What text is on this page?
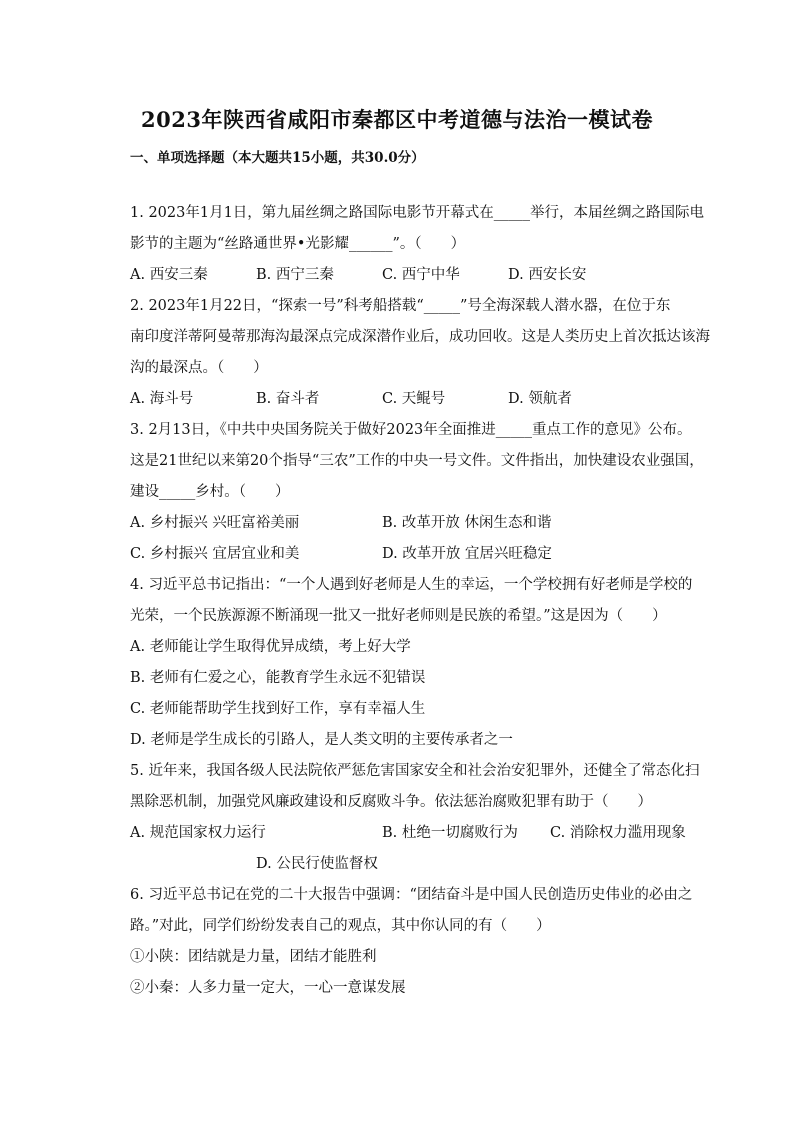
2023年陕西省咸阳市秦都区中考道德与法治一模试卷
一、单项选择题（本大题共15小题，共30.0分）
1. 2023年1月1日，第九届丝绸之路国际电影节开幕式在_____举行，本届丝绸之路国际电
影节的主题为“丝路通世界•光影耀______”。（　　）
A. 西安三秦	B. 西宁三秦	C. 西宁中华	D. 西安长安
2. 2023年1月22日，“探索一号”科考船搭载“_____”号全海深载人潜水器，在位于东
南印度洋蒂阿曼蒂那海沟最深点完成深潜作业后，成功回收。这是人类历史上首次抵达该海
沟的最深点。（　　）
A. 海斗号	B. 奋斗者	C. 天鲲号	D. 领航者
3. 2月13日，《中共中央国务院关于做好2023年全面推进_____重点工作的意见》公布。
这是21世纪以来第20个指导“三农”工作的中央一号文件。文件指出，加快建设农业强国，
建设_____乡村。（　　）
A. 乡村振兴 兴旺富裕美丽	B. 改革开放 休闲生态和谐
C. 乡村振兴 宜居宜业和美	D. 改革开放 宜居兴旺稳定
4. 习近平总书记指出：“一个人遇到好老师是人生的幸运，一个学校拥有好老师是学校的
光荣，一个民族源源不断涌现一批又一批好老师则是民族的希望。”这是因为（　　）
A. 老师能让学生取得优异成绩，考上好大学
B. 老师有仁爱之心，能教育学生永远不犯错误
C. 老师能帮助学生找到好工作，享有幸福人生
D. 老师是学生成长的引路人，是人类文明的主要传承者之一
5. 近年来，我国各级人民法院依严惩危害国家安全和社会治安犯罪外，还健全了常态化扫
黑除恶机制，加强党风廉政建设和反腐败斗争。依法惩治腐败犯罪有助于（　　）
A. 规范国家权力运行	B. 杜绝一切腐败行为 C. 消除权力滥用现象
D. 公民行使监督权
6. 习近平总书记在党的二十大报告中强调：“团结奋斗是中国人民创造历史伟业的必由之
路。”对此，同学们纷纷发表自己的观点，其中你认同的有（　　）
①小陕：团结就是力量，团结才能胜利
②小秦：人多力量一定大，一心一意谋发展
